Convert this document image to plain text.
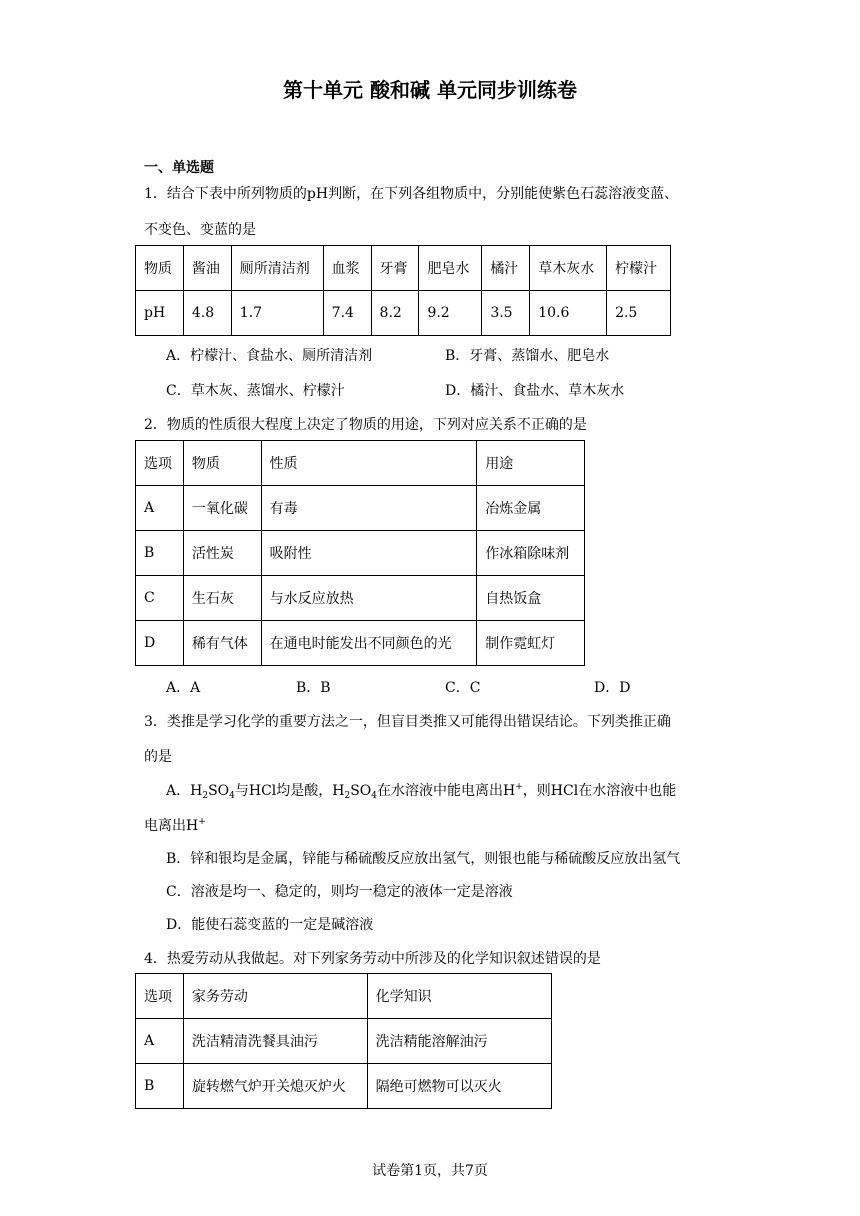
第十单元 酸和碱 单元同步训练卷
一、单选题
1．结合下表中所列物质的pH判断，在下列各组物质中，分别能使紫色石蕊溶液变蓝、
不变色、变蓝的是
物质	酱油	厕所清洁剂	血浆	牙膏	肥皂水	橘汁	草木灰水	柠檬汁
pH	4.8	1.7	7.4	8.2	9.2	3.5	10.6	2.5
A．柠檬汁、食盐水、厕所清洁剂	B．牙膏、蒸馏水、肥皂水
C．草木灰、蒸馏水、柠檬汁	D．橘汁、食盐水、草木灰水
2．物质的性质很大程度上决定了物质的用途，下列对应关系不正确的是
选项	物质	性质	用途
A	一氧化碳	有毒	冶炼金属
B	活性炭	吸附性	作冰箱除味剂
C	生石灰	与水反应放热	自热饭盒
D	稀有气体	在通电时能发出不同颜色的光	制作霓虹灯
A．A	B．B	C．C	D．D
3．类推是学习化学的重要方法之一，但盲目类推又可能得出错误结论。下列类推正确
的是
A．$H_2SO_4$与HCl均是酸，$H_2SO_4$在水溶液中能电离出H+，则HCl在水溶液中也能
电离出H+
B．锌和银均是金属，锌能与稀硫酸反应放出氢气，则银也能与稀硫酸反应放出氢气
C．溶液是均一、稳定的，则均一稳定的液体一定是溶液
D．能使石蕊变蓝的一定是碱溶液
4．热爱劳动从我做起。对下列家务劳动中所涉及的化学知识叙述错误的是
选项	家务劳动	化学知识
A	洗洁精清洗餐具油污	洗洁精能溶解油污
B	旋转燃气炉开关熄灭炉火	隔绝可燃物可以灭火
试卷第1页，共7页
